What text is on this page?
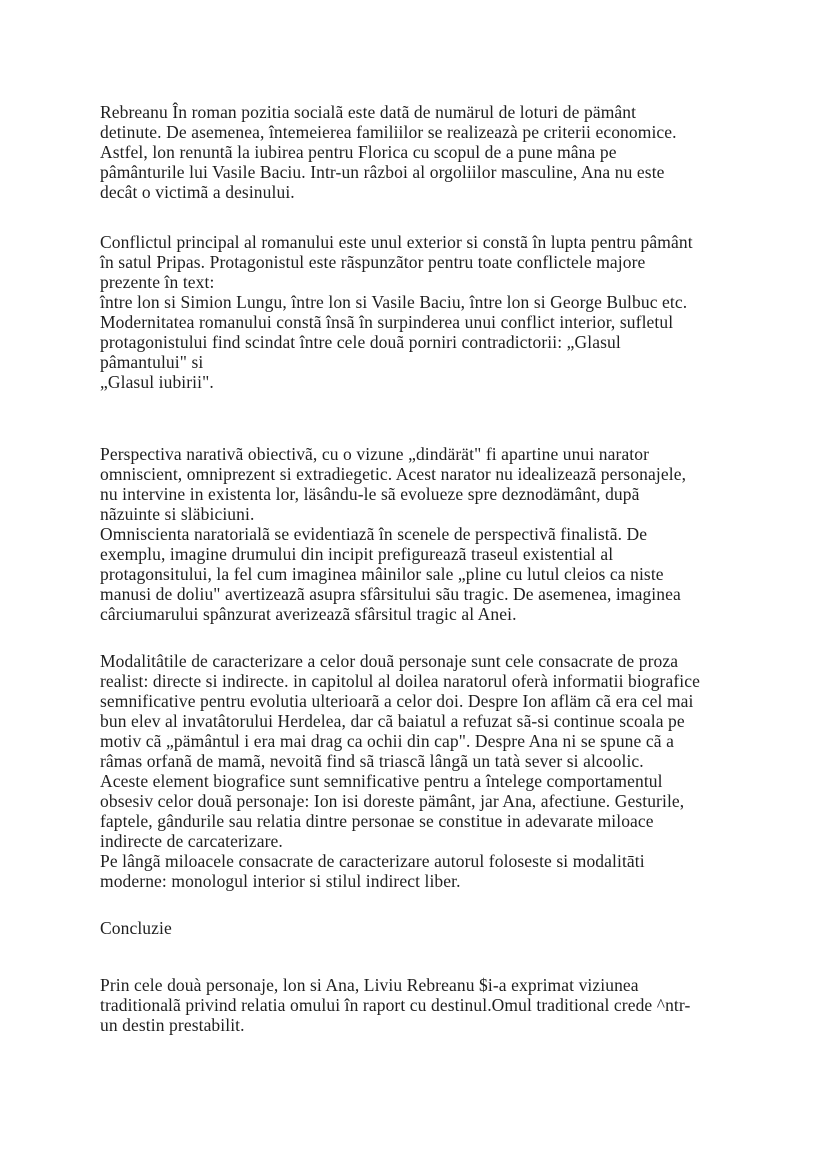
Rebreanu În roman pozitia socialã este datã de numärul de loturi de pämânt
detinute. De asemenea, întemeierea familiilor se realizeazà pe criterii economice.
Astfel, lon renuntã la iubirea pentru Florica cu scopul de a pune mâna pe
pâmânturile lui Vasile Baciu. Intr-un râzboi al orgoliilor masculine, Ana nu este
decât o victimã a desinului.
Conflictul principal al romanului este unul exterior si constã în lupta pentru pâmânt
în satul Pripas. Protagonistul este rãspunzãtor pentru toate conflictele majore
prezente în text:
între lon si Simion Lungu, între lon si Vasile Baciu, între lon si George Bulbuc etc.
Modernitatea romanului constã însã în surpinderea unui conflict interior, sufletul
protagonistului find scindat între cele douã porniri contradictorii: „Glasul
pâmantului" si
„Glasul iubirii".
Perspectiva narativã obiectivã, cu o vizune „dindärät" fi apartine unui narator
omniscient, omniprezent si extradiegetic. Acest narator nu idealizeazã personajele,
nu intervine in existenta lor, läsându-le sã evolueze spre deznodämânt, dupã
nãzuinte si släbiciuni.
Omniscienta naratorialã se evidentiazã în scenele de perspectivã finalistã. De
exemplu, imagine drumului din incipit prefigureazã traseul existential al
protagonsitului, la fel cum imaginea mâinilor sale „pline cu lutul cleios ca niste
manusi de doliu" avertizeazã asupra sfârsitului sãu tragic. De asemenea, imaginea
cârciumarului spânzurat averizeazã sfârsitul tragic al Anei.
Modalitâtile de caracterizare a celor douã personaje sunt cele consacrate de proza
realist: directe si indirecte. in capitolul al doilea naratorul oferà informatii biografice
semnificative pentru evolutia ulterioarã a celor doi. Despre Ion afläm cã era cel mai
bun elev al invatâtorului Herdelea, dar cã baiatul a refuzat sã-si continue scoala pe
motiv cã „pämântul i era mai drag ca ochii din cap". Despre Ana ni se spune cã a
râmas orfanã de mamã, nevoitã find sã triascã lângã un tatà sever si alcoolic.
Aceste element biografice sunt semnificative pentru a întelege comportamentul
obsesiv celor douã personaje: Ion isi doreste pämânt, jar Ana, afectiune. Gesturile,
faptele, gândurile sau relatia dintre personae se constitue in adevarate miloace
indirecte de carcaterizare.
Pe lângã miloacele consacrate de caracterizare autorul foloseste si modalitāti
moderne: monologul interior si stilul indirect liber.
Concluzie
Prin cele douà personaje, lon si Ana, Liviu Rebreanu $i-a exprimat viziunea
traditionalã privind relatia omului în raport cu destinul.Omul traditional crede ^ntr-
un destin prestabilit.
